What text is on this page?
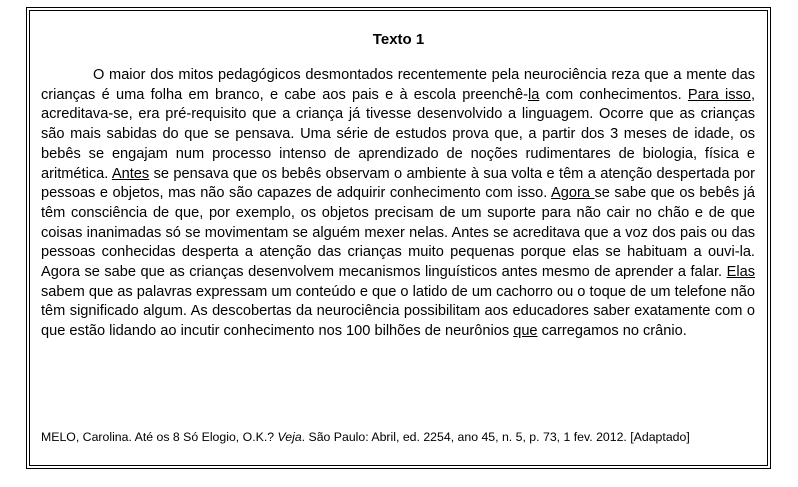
Texto 1

O maior dos mitos pedagógicos desmontados recentemente pela neurociência reza que a mente das crianças é uma folha em branco, e cabe aos pais e à escola preenchê-la com conhecimentos. Para isso, acreditava-se, era pré-requisito que a criança já tivesse desenvolvido a linguagem. Ocorre que as crianças são mais sabidas do que se pensava. Uma série de estudos prova que, a partir dos 3 meses de idade, os bebês se engajam num processo intenso de aprendizado de noções rudimentares de biologia, física e aritmética. Antes se pensava que os bebês observam o ambiente à sua volta e têm a atenção despertada por pessoas e objetos, mas não são capazes de adquirir conhecimento com isso. Agora se sabe que os bebês já têm consciência de que, por exemplo, os objetos precisam de um suporte para não cair no chão e de que coisas inanimadas só se movimentam se alguém mexer nelas. Antes se acreditava que a voz dos pais ou das pessoas conhecidas desperta a atenção das crianças muito pequenas porque elas se habituam a ouvi-la. Agora se sabe que as crianças desenvolvem mecanismos linguísticos antes mesmo de aprender a falar. Elas sabem que as palavras expressam um conteúdo e que o latido de um cachorro ou o toque de um telefone não têm significado algum. As descobertas da neurociência possibilitam aos educadores saber exatamente com o que estão lidando ao incutir conhecimento nos 100 bilhões de neurônios que carregamos no crânio.

MELO, Carolina. Até os 8 Só Elogio, O.K.? Veja. São Paulo: Abril, ed. 2254, ano 45, n. 5, p. 73, 1 fev. 2012. [Adaptado]
